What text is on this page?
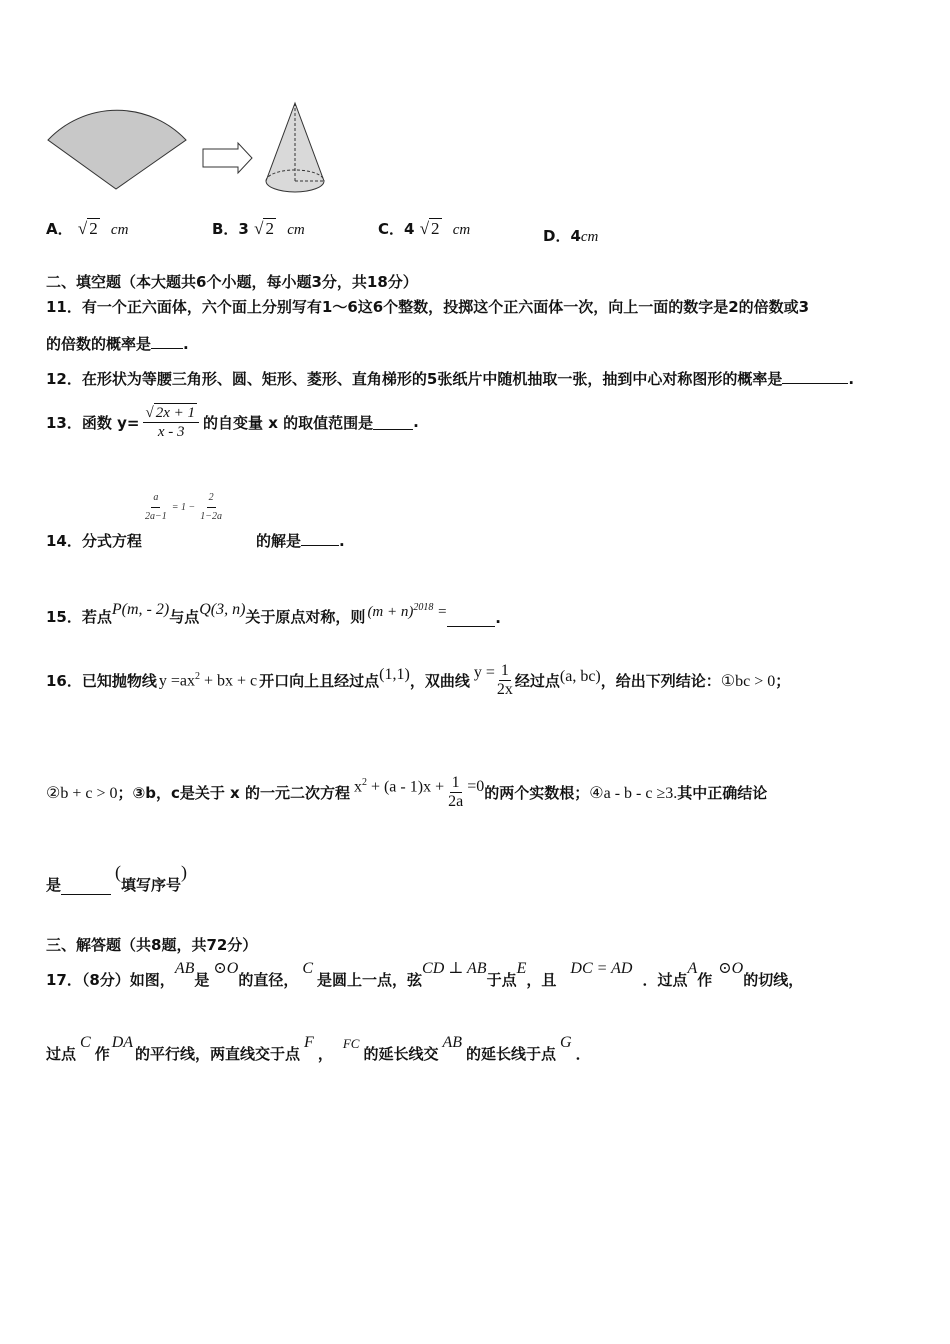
A． √ 2 cm	B．3 √ 2 cm	C．4 √ 2 cm	D．4cm
二、填空题（本大题共6个小题，每小题3分，共18分）
11．有一个正六面体，六个面上分别写有1～6这6个整数，投掷这个正六面体一次，向上一面的数字是2的倍数或3
的倍数的概率是 .
12．在形状为等腰三角形、圆、矩形、菱形、直角梯形的5张纸片中随机抽取一张，抽到中心对称图形的概率是	.
13．函数 $y= \frac{√ 2x + 1}{x - 3}$ 的自变量 x 的取值范围是	.
$\frac{a}{2a-1} = 1 - \frac{2}{1-2a}$
14．分式方程	的解是	.
15．若点 P(m, - 2) 与点 Q(3, n) 关于原点对称，则 $(m + n)^{2018}$ =	.
16．已知抛物线 $y =ax^2$ + bx + c 开口向上且经过点 (1,1) ，双曲线 $y = \frac{1}{2x}$ 经过点 (a, bc) ，给出下列结论： ①bc > 0 ；
②b + c > 0 ；③b，c是关于 x 的一元二次方程 $x^2 + (a - 1)x + \frac{1}{2a} =0$ 的两个实数根； ④a - b - c ≥3. 其中正确结论
是
(
填写序号
)
三、解答题（共8题，共72分）
17．（8分）如图，
AB
是
⊙O
的直径，
C
是圆上一点，弦
CD ⊥ AB
于点
E
，且
DC = AD
．过点
A
作
⊙O
的切线，
过点
C
作
DA
的平行线，两直线交于点
F
，
FC
的延长线交
AB
的延长线于点
G
．
